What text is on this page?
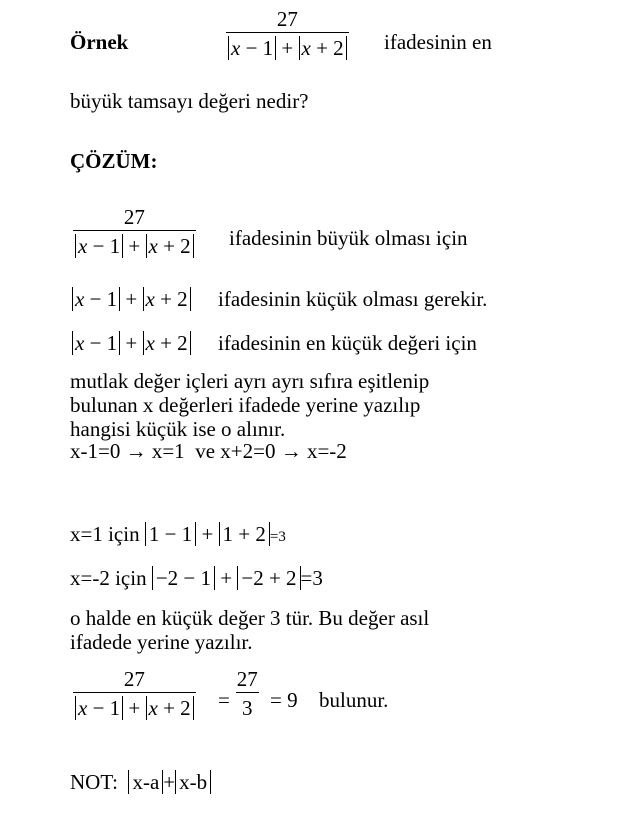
Örnek	$\frac{27}{x - 1 + x + 2}$ ifadesinin en
büyük tamsayı değeri nedir?
ÇÖZÜM:
$\frac{27}{x - 1 + x + 2}$ ifadesinin büyük olması için
x − 1 + x + 2 ifadesinin küçük olması gerekir.
x − 1 + x + 2 ifadesinin en küçük değeri için
mutlak değer içleri ayrı ayrı sıfıra eşitlenip
bulunan x değerleri ifadede yerine yazılıp
hangisi küçük ise o alınır.
x-1=0 → x=1 ve x+2=0 → x=-2
x=1 için 1 − 1 + 1 + 2 =3
x=-2 için −2 − 1 + −2 + 2 =3
o halde en küçük değer 3 tür. Bu değer asıl
ifadede yerine yazılır.
$\frac{27}{x - 1 + x + 2} = \frac{27}{3} = 9$ bulunur.
NOT: x-a + x-b
